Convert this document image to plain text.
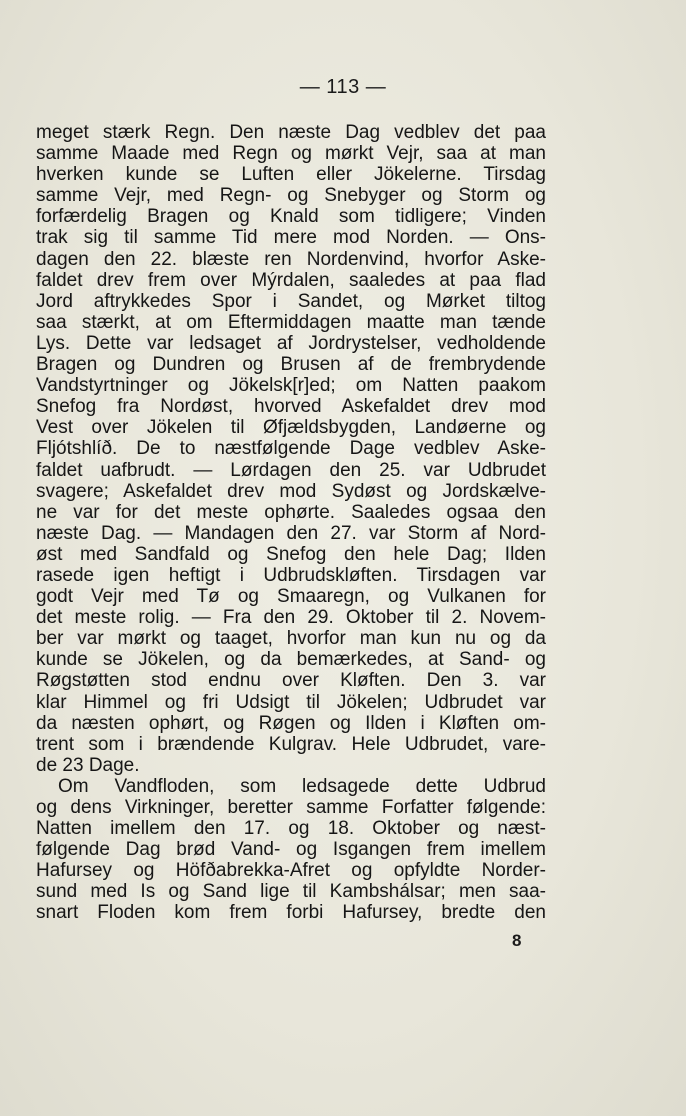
— 113 —
meget stærk Regn. Den næste Dag vedblev det paa
samme Maade med Regn og mørkt Vejr, saa at man
hverken kunde se Luften eller Jökelerne. Tirsdag
samme Vejr, med Regn- og Snebyger og Storm og
forfærdelig Bragen og Knald som tidligere; Vinden
trak sig til samme Tid mere mod Norden. — Ons-
dagen den 22. blæste ren Nordenvind, hvorfor Aske-
faldet drev frem over Mýrdalen, saaledes at paa flad
Jord aftrykkedes Spor i Sandet, og Mørket tiltog
saa stærkt, at om Eftermiddagen maatte man tænde
Lys. Dette var ledsaget af Jordrystelser, vedholdende
Bragen og Dundren og Brusen af de frembrydende
Vandstyrtninger og Jökelsk[r]ed; om Natten paakom
Snefog fra Nordøst, hvorved Askefaldet drev mod
Vest over Jökelen til Øfjældsbygden, Landøerne og
Fljótshlíð. De to næstfølgende Dage vedblev Aske-
faldet uafbrudt. — Lørdagen den 25. var Udbrudet
svagere; Askefaldet drev mod Sydøst og Jordskælve-
ne var for det meste ophørte. Saaledes ogsaa den
næste Dag. — Mandagen den 27. var Storm af Nord-
øst med Sandfald og Snefog den hele Dag; Ilden
rasede igen heftigt i Udbrudskløften. Tirsdagen var
godt Vejr med Tø og Smaaregn, og Vulkanen for
det meste rolig. — Fra den 29. Oktober til 2. Novem-
ber var mørkt og taaget, hvorfor man kun nu og da
kunde se Jökelen, og da bemærkedes, at Sand- og
Røgstøtten stod endnu over Kløften. Den 3. var
klar Himmel og fri Udsigt til Jökelen; Udbrudet var
da næsten ophørt, og Røgen og Ilden i Kløften om-
trent som i brændende Kulgrav. Hele Udbrudet, vare-
de 23 Dage.
Om Vandfloden, som ledsagede dette Udbrud
og dens Virkninger, beretter samme Forfatter følgende:
Natten imellem den 17. og 18. Oktober og næst-
følgende Dag brød Vand- og Isgangen frem imellem
Hafursey og Höfðabrekka-Afret og opfyldte Norder-
sund med Is og Sand lige til Kambshálsar; men saa-
snart Floden kom frem forbi Hafursey, bredte den
8
